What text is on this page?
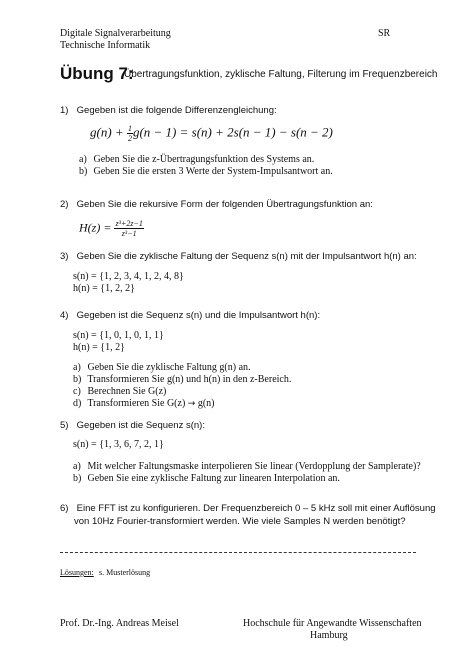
Digitale Signalverarbeitung
Technische Informatik
SR
Übung 7:
Übertragungsfunktion, zyklische Faltung, Filterung im Frequenzbereich
1) Gegeben ist die folgende Differenzengleichung:
$g(n) + \frac{1}{2} g(n - 1) = s(n) + 2s(n - 1) - s(n - 2)$
a) Geben Sie die z-Übertragungsfunktion des Systems an.
b) Geben Sie die ersten 3 Werte der System-Impulsantwort an.
2) Geben Sie die rekursive Form der folgenden Übertragungsfunktion an:
$H(z) = \frac{\text{z³+2z−1}}{\text{z³−1}}$
3) Geben Sie die zyklische Faltung der Sequenz s(n) mit der Impulsantwort h(n) an:
s(n) = {1, 2, 3, 4, 1, 2, 4, 8}
h(n) = {1, 2, 2}
4) Gegeben ist die Sequenz s(n) und die Impulsantwort h(n):
s(n) = {1, 0, 1, 0, 1, 1}
h(n) = {1, 2}
a) Geben Sie die zyklische Faltung g(n) an.
b) Transformieren Sie g(n) und h(n) in den z-Bereich.
c) Berechnen Sie G(z)
d) Transformieren Sie G(z) → g(n)
5) Gegeben ist die Sequenz s(n):
s(n) = {1, 3, 6, 7, 2, 1}
a) Mit welcher Faltungsmaske interpolieren Sie linear (Verdopplung der Samplerate)?
b) Geben Sie eine zyklische Faltung zur linearen Interpolation an.
6) Eine FFT ist zu konfigurieren. Der Frequenzbereich 0 – 5 kHz soll mit einer Auflösung
von 10Hz Fourier-transformiert werden. Wie viele Samples N werden benötigt?
Lösungen: s. Musterlösung
Prof. Dr.-Ing. Andreas Meisel	Hochschule für Angewandte Wissenschaften
Hamburg
